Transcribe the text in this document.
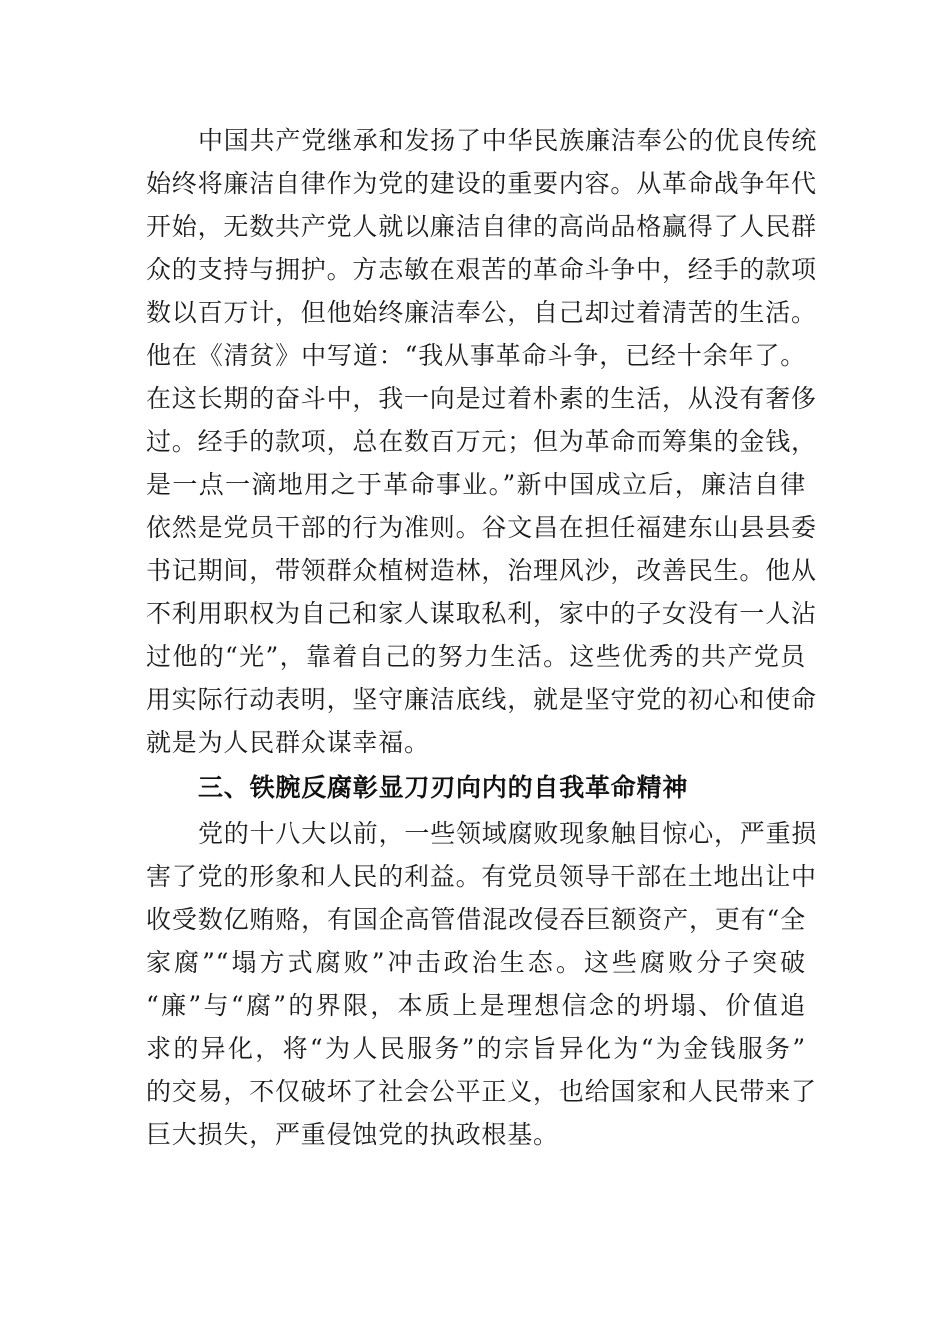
中国共产党继承和发扬了中华民族廉洁奉公的优良传统
始终将廉洁自律作为党的建设的重要内容。从革命战争年代
开始，无数共产党人就以廉洁自律的高尚品格赢得了人民群
众的支持与拥护。方志敏在艰苦的革命斗争中，经手的款项
数以百万计，但他始终廉洁奉公，自己却过着清苦的生活。
他在《清贫》中写道：“我从事革命斗争，已经十余年了。
在这长期的奋斗中，我一向是过着朴素的生活，从没有奢侈
过。经手的款项，总在数百万元；但为革命而筹集的金钱，
是一点一滴地用之于革命事业。”新中国成立后，廉洁自律
依然是党员干部的行为准则。谷文昌在担任福建东山县县委
书记期间，带领群众植树造林，治理风沙，改善民生。他从
不利用职权为自己和家人谋取私利，家中的子女没有一人沾
过他的“光”，靠着自己的努力生活。这些优秀的共产党员
用实际行动表明，坚守廉洁底线，就是坚守党的初心和使命
就是为人民群众谋幸福。
三、铁腕反腐彰显刀刃向内的自我革命精神
党的十八大以前，一些领域腐败现象触目惊心，严重损
害了党的形象和人民的利益。有党员领导干部在土地出让中
收受数亿贿赂，有国企高管借混改侵吞巨额资产，更有“全
家腐”“塌方式腐败”冲击政治生态。这些腐败分子突破
“廉”与“腐”的界限，本质上是理想信念的坍塌、价值追
求的异化，将“为人民服务”的宗旨异化为“为金钱服务”
的交易，不仅破坏了社会公平正义，也给国家和人民带来了
巨大损失，严重侵蚀党的执政根基。
